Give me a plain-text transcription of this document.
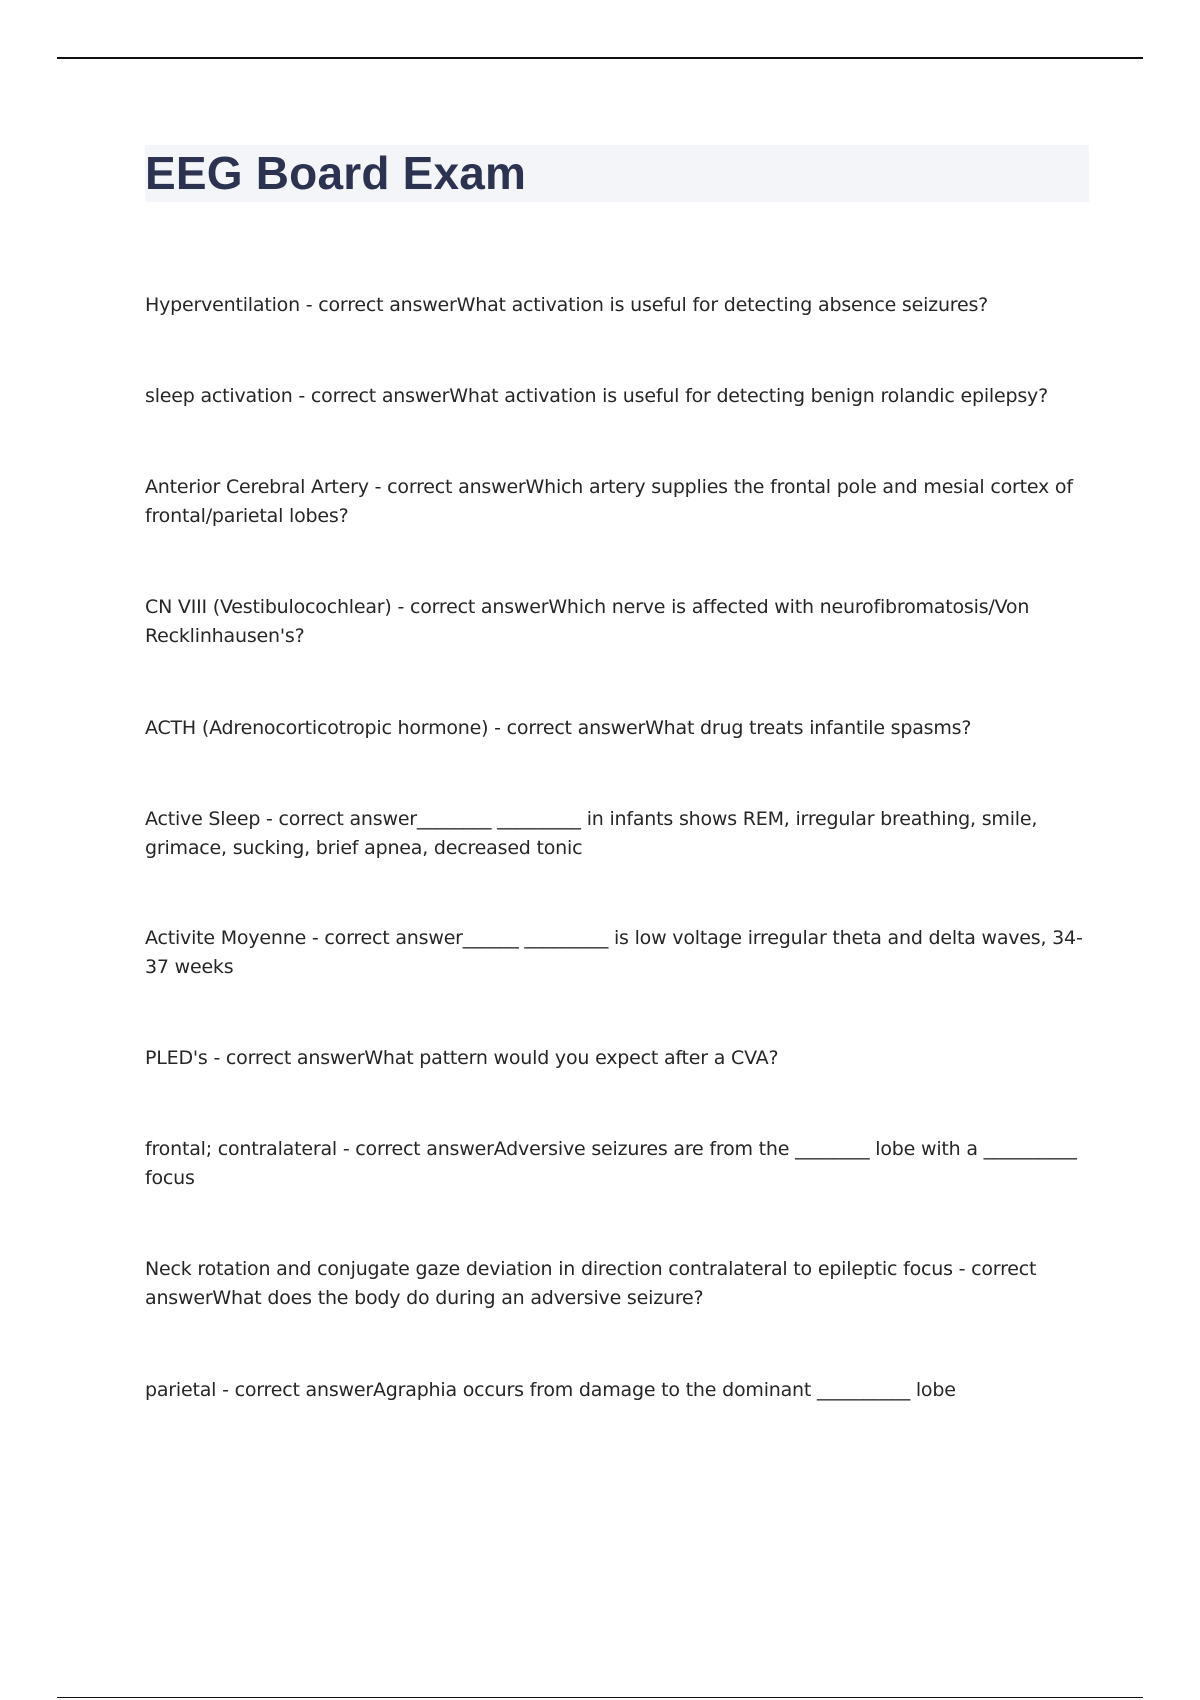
EEG Board Exam

Hyperventilation - correct answerWhat activation is useful for detecting absence seizures?

sleep activation - correct answerWhat activation is useful for detecting benign rolandic epilepsy?

Anterior Cerebral Artery - correct answerWhich artery supplies the frontal pole and mesial cortex of frontal/parietal lobes?

CN VIII (Vestibulocochlear) - correct answerWhich nerve is affected with neurofibromatosis/Von Recklinhausen's?

ACTH (Adrenocorticotropic hormone) - correct answerWhat drug treats infantile spasms?

Active Sleep - correct answer________ _________ in infants shows REM, irregular breathing, smile, grimace, sucking, brief apnea, decreased tonic

Activite Moyenne - correct answer______ _________ is low voltage irregular theta and delta waves, 34-37 weeks

PLED's - correct answerWhat pattern would you expect after a CVA?

frontal; contralateral - correct answerAdversive seizures are from the ________ lobe with a __________ focus

Neck rotation and conjugate gaze deviation in direction contralateral to epileptic focus - correct answerWhat does the body do during an adversive seizure?

parietal - correct answerAgraphia occurs from damage to the dominant __________ lobe
